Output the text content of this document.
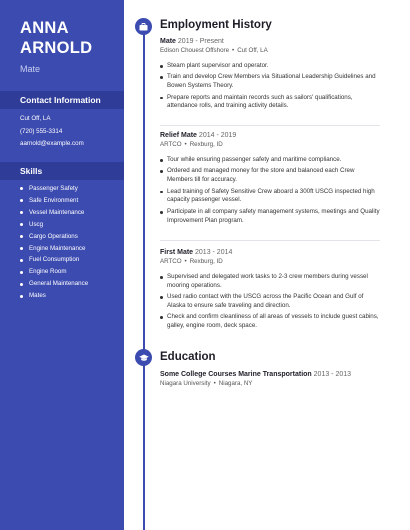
ANNA
ARNOLD
Mate
Contact Information
Cut Off, LA
(720) 555-3314
aarnold@example.com
Skills
Passenger Safety
Safe Environment
Vessel Maintenance
Uscg
Cargo Operations
Engine Maintenance
Fuel Consumption
Engine Room
General Maintenance
Mates
Employment History
Mate 2019 - Present
Edison Chouest Offshore • Cut Off, LA
Steam plant supervisor and operator.
Train and develop Crew Members via Situational Leadership Guidelines and Bowen Systems Theory.
Prepare reports and maintain records such as sailors' qualifications, attendance rolls, and training activity details.
Relief Mate 2014 - 2019
ARTCO • Rexburg, ID
Tour while ensuring passenger safety and maritime compliance.
Ordered and managed money for the store and balanced each Crew Members till for accuracy.
Lead training of Safety Sensitive Crew aboard a 300ft USCG inspected high capacity passenger vessel.
Participate in all company safety management systems, meetings and Quality Improvement Plan program.
First Mate 2013 - 2014
ARTCO • Rexburg, ID
Supervised and delegated work tasks to 2-3 crew members during vessel mooring operations.
Used radio contact with the USCG across the Pacific Ocean and Gulf of Alaska to ensure safe traveling and direction.
Check and confirm cleanliness of all areas of vessels to include guest cabins, galley, engine room, deck space.
Education
Some College Courses Marine Transportation 2013 - 2013
Niagara University • Niagara, NY
